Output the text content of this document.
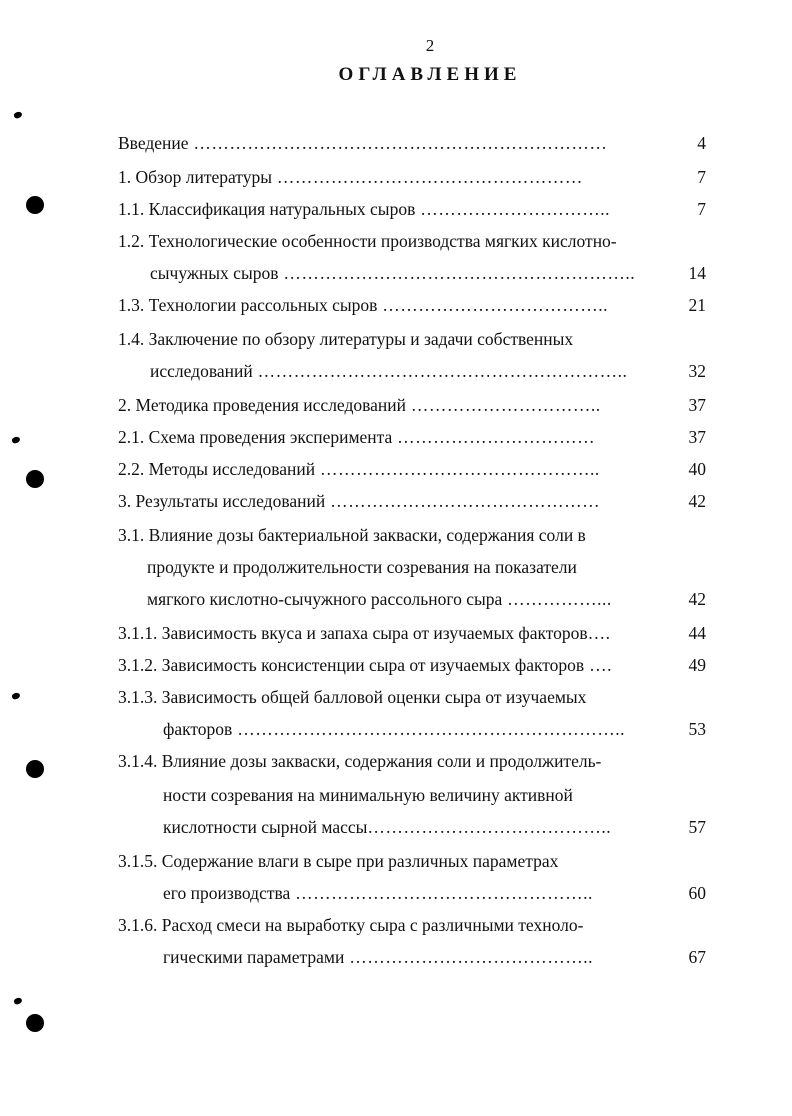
2
ОГЛАВЛЕНИЕ
Введение ……………………………………………………………	4
1. Обзор литературы ……………………………………………	7
1.1. Классификация натуральных сыров …………………………..	7
1.2. Технологические особенности производства мягких кислотно-
сычужных сыров …………………………………………………..	14
1.3. Технологии рассольных сыров ………………………………..	21
1.4. Заключение по обзору литературы и задачи собственных
исследований ……………………………………………………..	32
2. Методика проведения исследований …………………………..	37
2.1. Схема проведения эксперимента ……………………………	37
2.2. Методы исследований ………………………………………..	40
3. Результаты исследований ………………………………………	42
3.1. Влияние дозы бактериальной закваски, содержания соли в
продукте и продолжительности созревания на показатели
мягкого кислотно-сычужного рассольного сыра ……………...	42
3.1.1. Зависимость вкуса и запаха сыра от изучаемых факторов….	44
3.1.2. Зависимость консистенции сыра от изучаемых факторов ….	49
3.1.3. Зависимость общей балловой оценки сыра от изучаемых
факторов ………………………………………………………..	53
3.1.4. Влияние дозы закваски, содержания соли и продолжитель-
ности созревания на минимальную величину активной
кислотности сырной массы…………………………………..	57
3.1.5. Содержание влаги в сыре при различных параметрах
его производства …………………………………………..	60
3.1.6. Расход смеси на выработку сыра с различными техноло-
гическими параметрами …………………………………..	67
